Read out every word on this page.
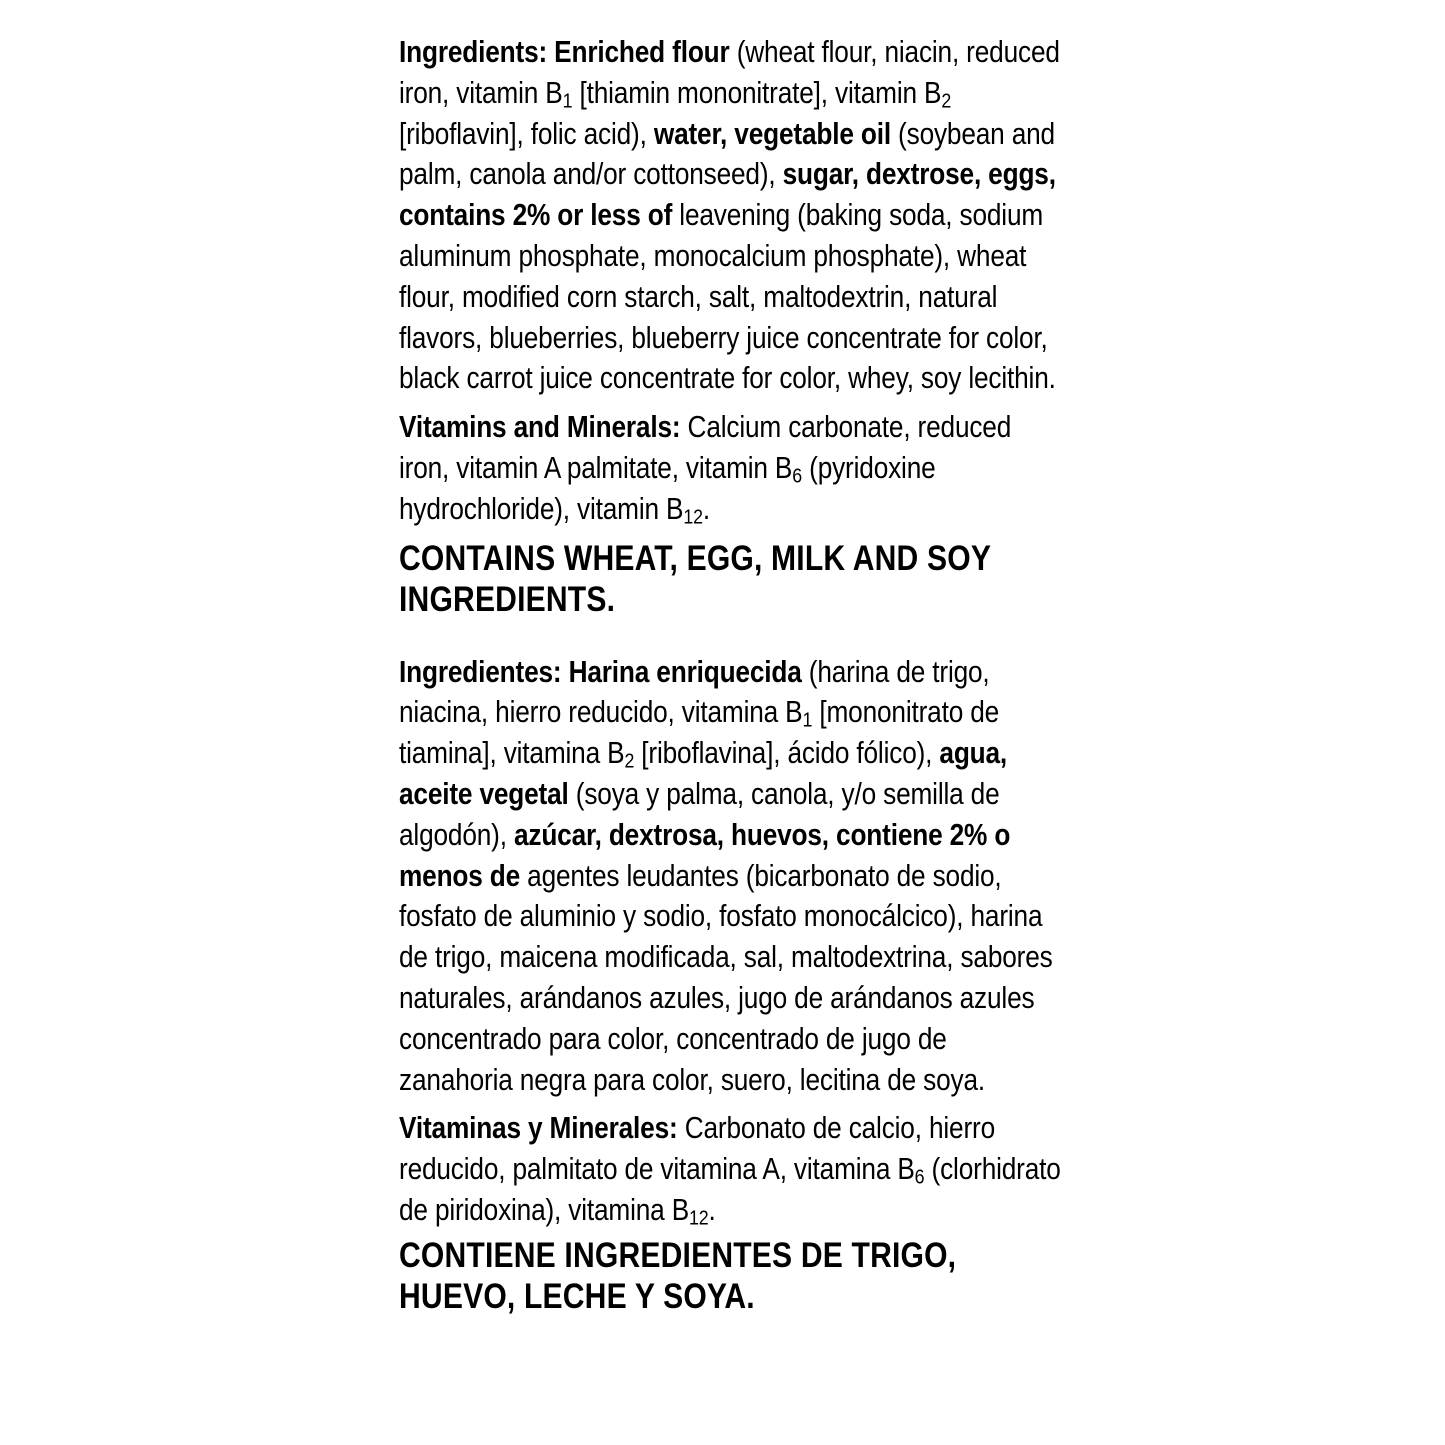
Ingredients: Enriched flour (wheat flour, niacin, reduced iron, vitamin $B_1$ [thiamin mononitrate], vitamin $B_2$ [riboflavin], folic acid), water, vegetable oil (soybean and palm, canola and/or cottonseed), sugar, dextrose, eggs, contains 2% or less of leavening (baking soda, sodium aluminum phosphate, monocalcium phosphate), wheat flour, modified corn starch, salt, maltodextrin, natural flavors, blueberries, blueberry juice concentrate for color, black carrot juice concentrate for color, whey, soy lecithin.

Vitamins and Minerals: Calcium carbonate, reduced iron, vitamin A palmitate, vitamin $B_6$ (pyridoxine hydrochloride), vitamin $B_{12}$.

CONTAINS WHEAT, EGG, MILK AND SOY INGREDIENTS.

Ingredientes: Harina enriquecida (harina de trigo, niacina, hierro reducido, vitamina $B_1$ [mononitrato de tiamina], vitamina $B_2$ [riboflavina], ácido fólico), agua, aceite vegetal (soya y palma, canola, y/o semilla de algodón), azúcar, dextrosa, huevos, contiene 2% o menos de agentes leudantes (bicarbonato de sodio, fosfato de aluminio y sodio, fosfato monocálcico), harina de trigo, maicena modificada, sal, maltodextrina, sabores naturales, arándanos azules, jugo de arándanos azules concentrado para color, concentrado de jugo de zanahoria negra para color, suero, lecitina de soya.

Vitaminas y Minerales: Carbonato de calcio, hierro reducido, palmitato de vitamina A, vitamina $B_6$ (clorhidrato de piridoxina), vitamina $B_{12}$.

CONTIENE INGREDIENTES DE TRIGO, HUEVO, LECHE Y SOYA.
